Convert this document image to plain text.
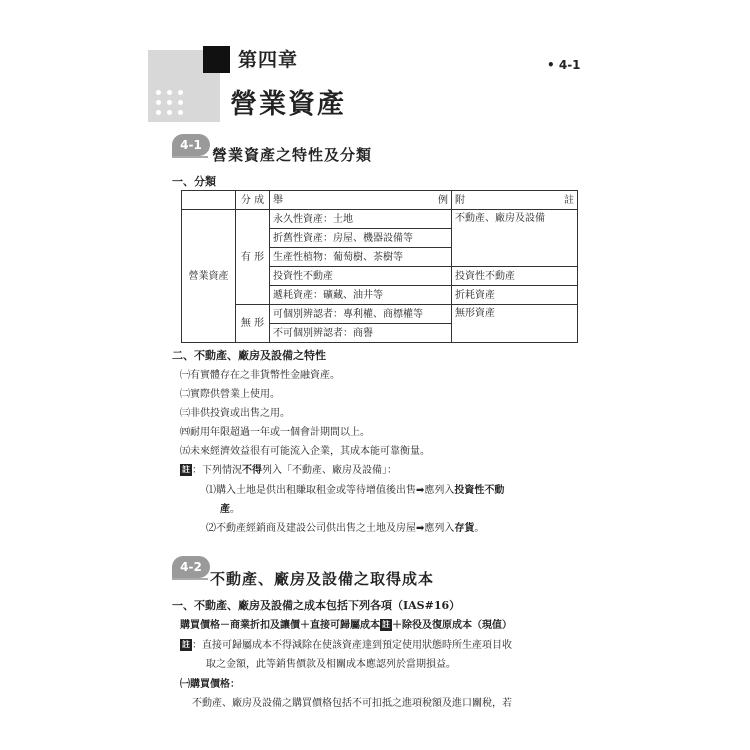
第四章
營業資產
• 4-1
4-1
營業資產之特性及分類
一、分類
	分 成	舉 例	附 註

營業資產	有 形	永久性資產：土地	不動產、廠房及設備
		折舊性資產：房屋、機器設備等	
		生產性植物：葡萄樹、茶樹等	
		投資性不動產	投資性不動產
		遞耗資產：礦藏、油井等	折耗資產
	無 形	可個別辨認者：專利權、商標權等	無形資產
		不可個別辨認者：商譽	
二、不動產、廠房及設備之特性
㈠有實體存在之非貨幣性金融資產。
㈡實際供營業上使用。
㈢非供投資或出售之用。
㈣耐用年限超過一年或一個會計期間以上。
㈤未來經濟效益很有可能流入企業，其成本能可靠衡量。
註 ：下列情況不得列入「不動產、廠房及設備」：
⑴購入土地是供出租賺取租金或等待增值後出售➡應列入投資性不動
產。
⑵不動產經銷商及建設公司供出售之土地及房屋➡應列入存貨。
4-2
不動產、廠房及設備之取得成本
一、不動產、廠房及設備之成本包括下列各項（IAS#16）
購買價格－商業折扣及讓價＋直接可歸屬成本 註 ＋除役及復原成本（現值）
註 ：直接可歸屬成本不得減除在使該資產達到預定使用狀態時所生產項目收
取之金額，此等銷售價款及相關成本應認列於當期損益。
㈠購買價格：
不動產、廠房及設備之購買價格包括不可扣抵之進項稅額及進口關稅，若
